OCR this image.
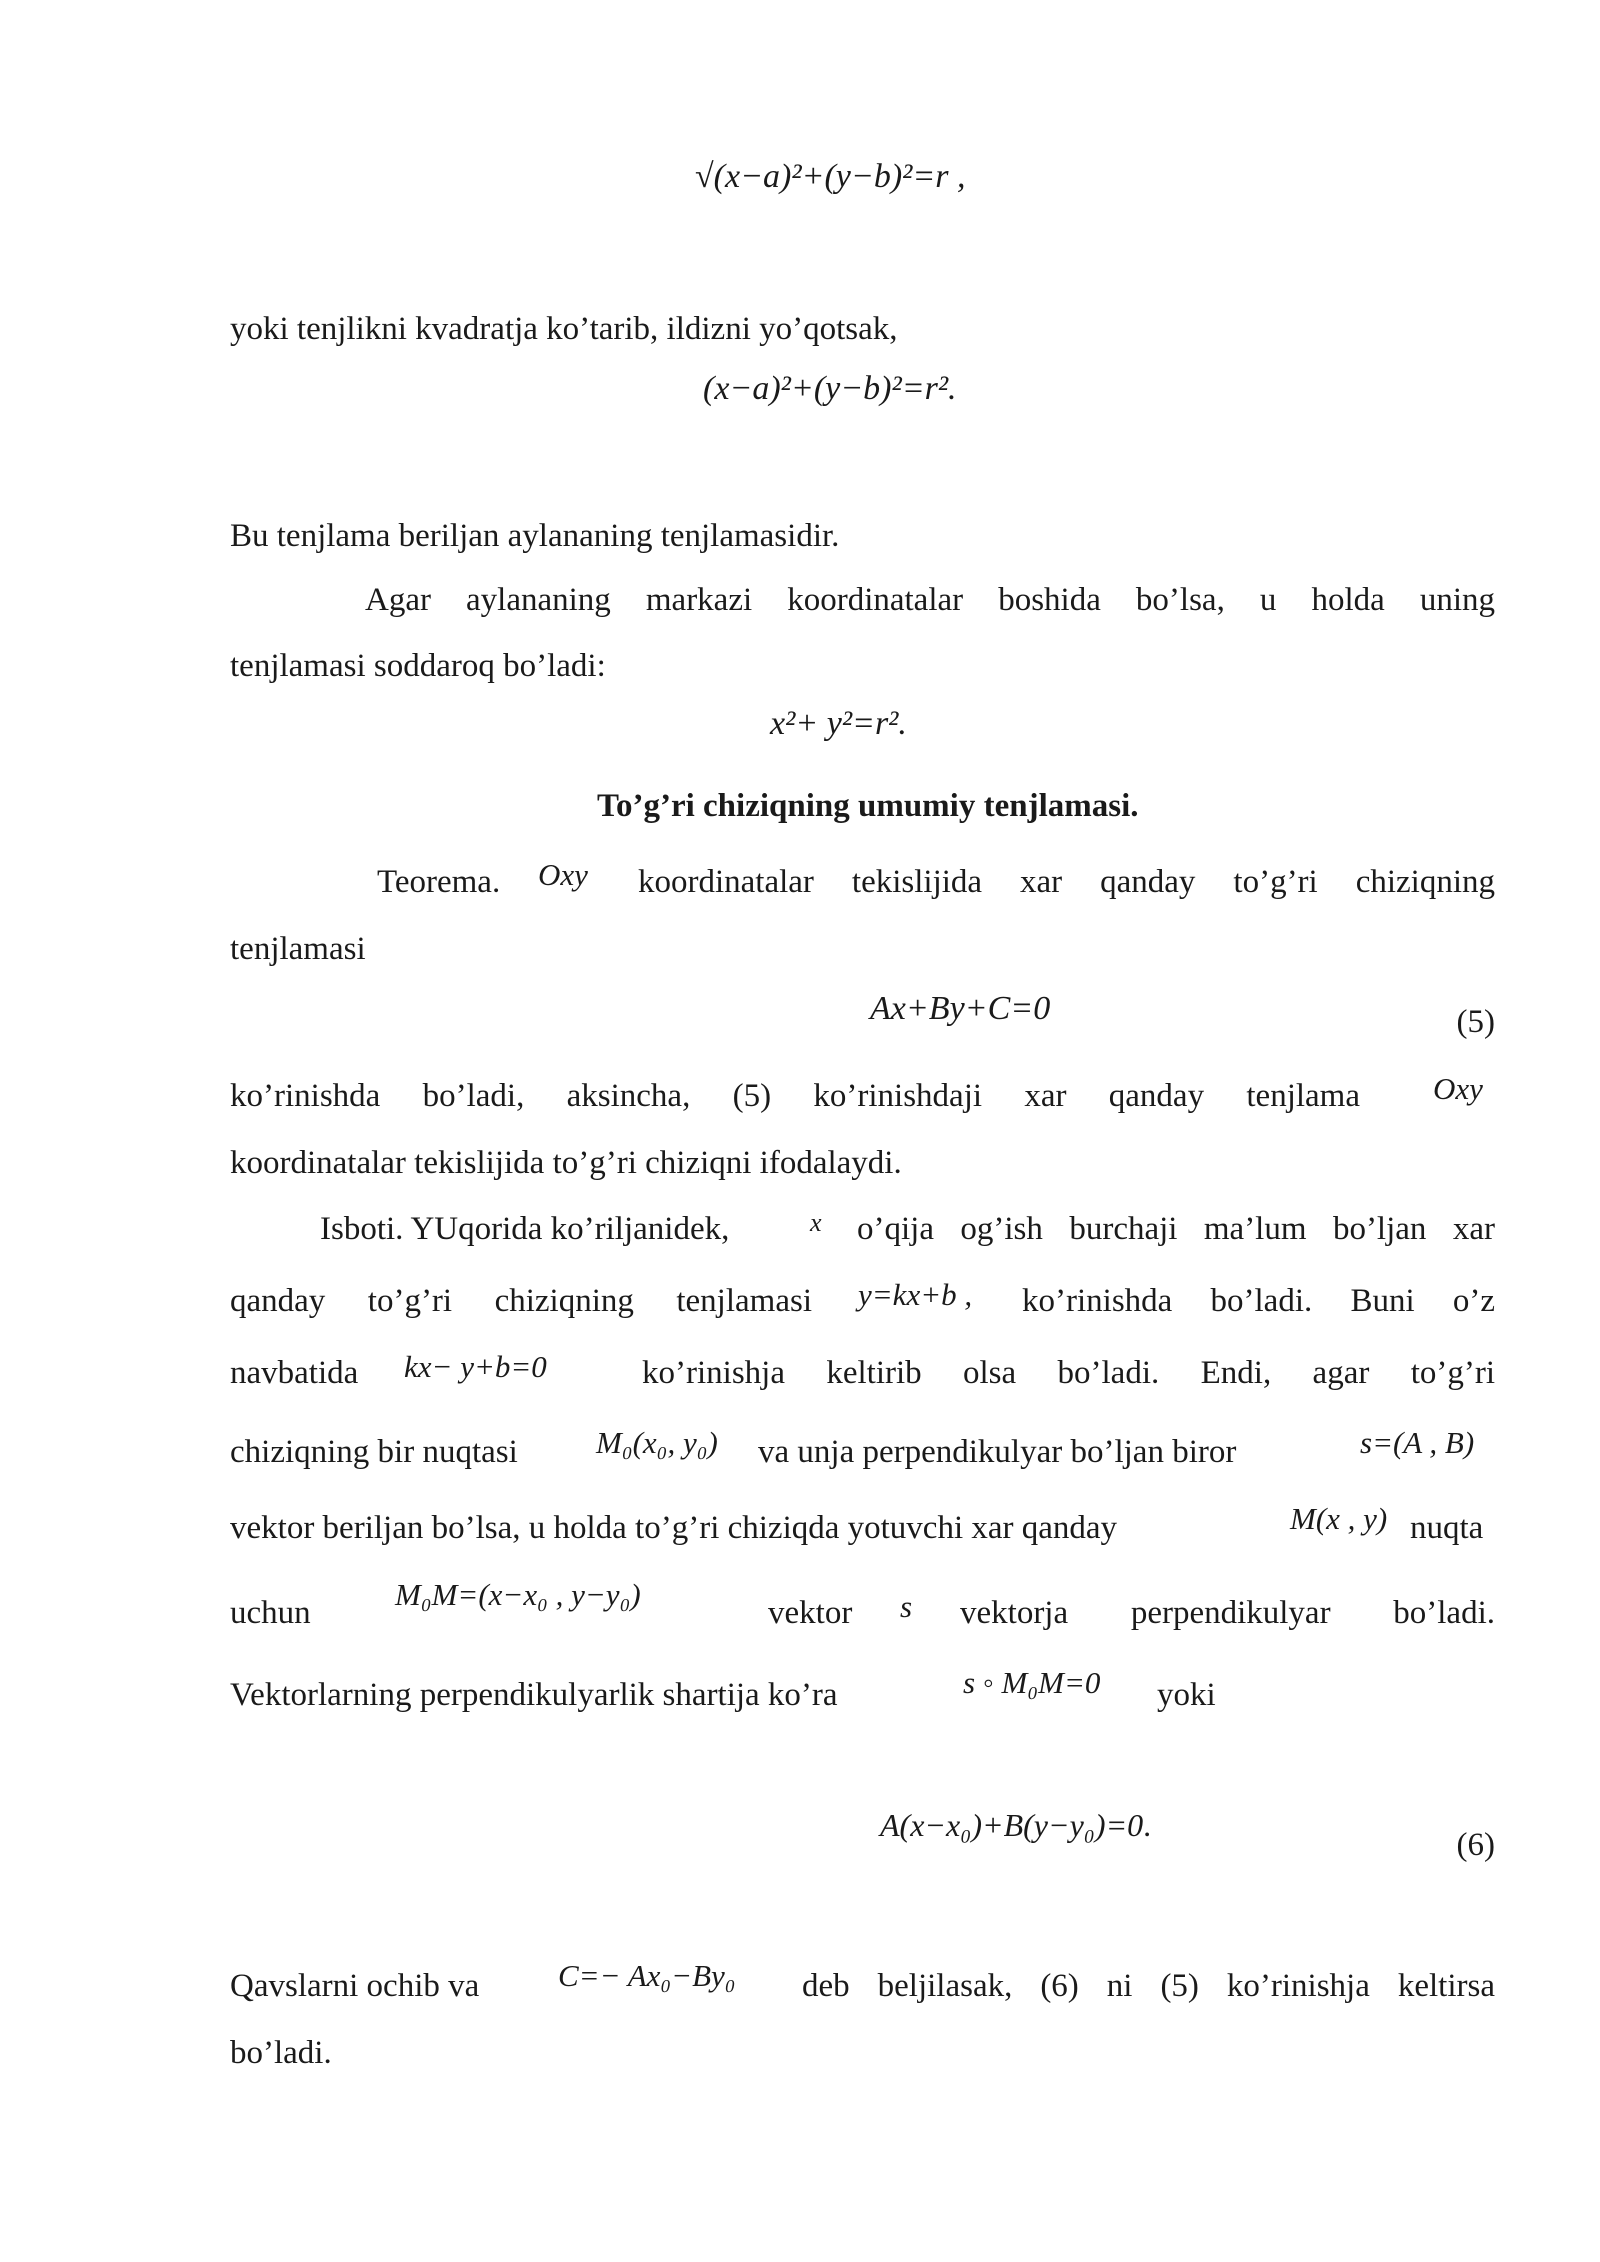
√(x−a)²+(y−b)²=r ,
yoki tenjlikni kvadratja ko’tarib, ildizni yo’qotsak,
(x−a)²+(y−b)²=r².
Bu tenjlama beriljan aylananing tenjlamasidir.
Agar aylananing markazi koordinatalar boshida bo’lsa, u holda uning
tenjlamasi soddaroq bo’ladi:
x²+ y²=r².
To’g’ri chiziqning umumiy tenjlamasi.
Teorema. Oxy koordinatalar tekislijida xar qanday to’g’ri chiziqning
tenjlamasi
Ax+By+C=0	(5)
ko’rinishda bo’ladi, aksincha, (5) ko’rinishdaji xar qanday tenjlama Oxy
koordinatalar tekislijida to’g’ri chiziqni ifodalaydi.
Isboti. YUqorida ko’riljanidek,	x o’qija og’ish burchaji ma’lum bo’ljan xar
qanday to’g’ri chiziqning tenjlamasi y=kx+b , ko’rinishda bo’ladi. Buni o’z
navbatida kx− y+b=0	ko’rinishja keltirib olsa bo’ladi. Endi, agar to’g’ri
chiziqning bir nuqtasi	M₀(x₀, y₀) va unja perpendikulyar bo’ljan biror	s=(A , B)
vektor beriljan bo’lsa, u holda to’g’ri chiziqda yotuvchi xar qanday	M(x , y) nuqta
uchun
M₀M=(x−x₀ , y−y₀)
vektor s vektorja perpendikulyar bo’ladi.
Vektorlarning perpendikulyarlik shartija ko’ra	s ◦ M₀M=0 yoki
A(x−x₀)+B(y−y₀)=0.
(6)
Qavslarni ochib va	C=− Ax₀−By₀ deb beljilasak, (6) ni (5) ko’rinishja keltirsa
bo’ladi.
